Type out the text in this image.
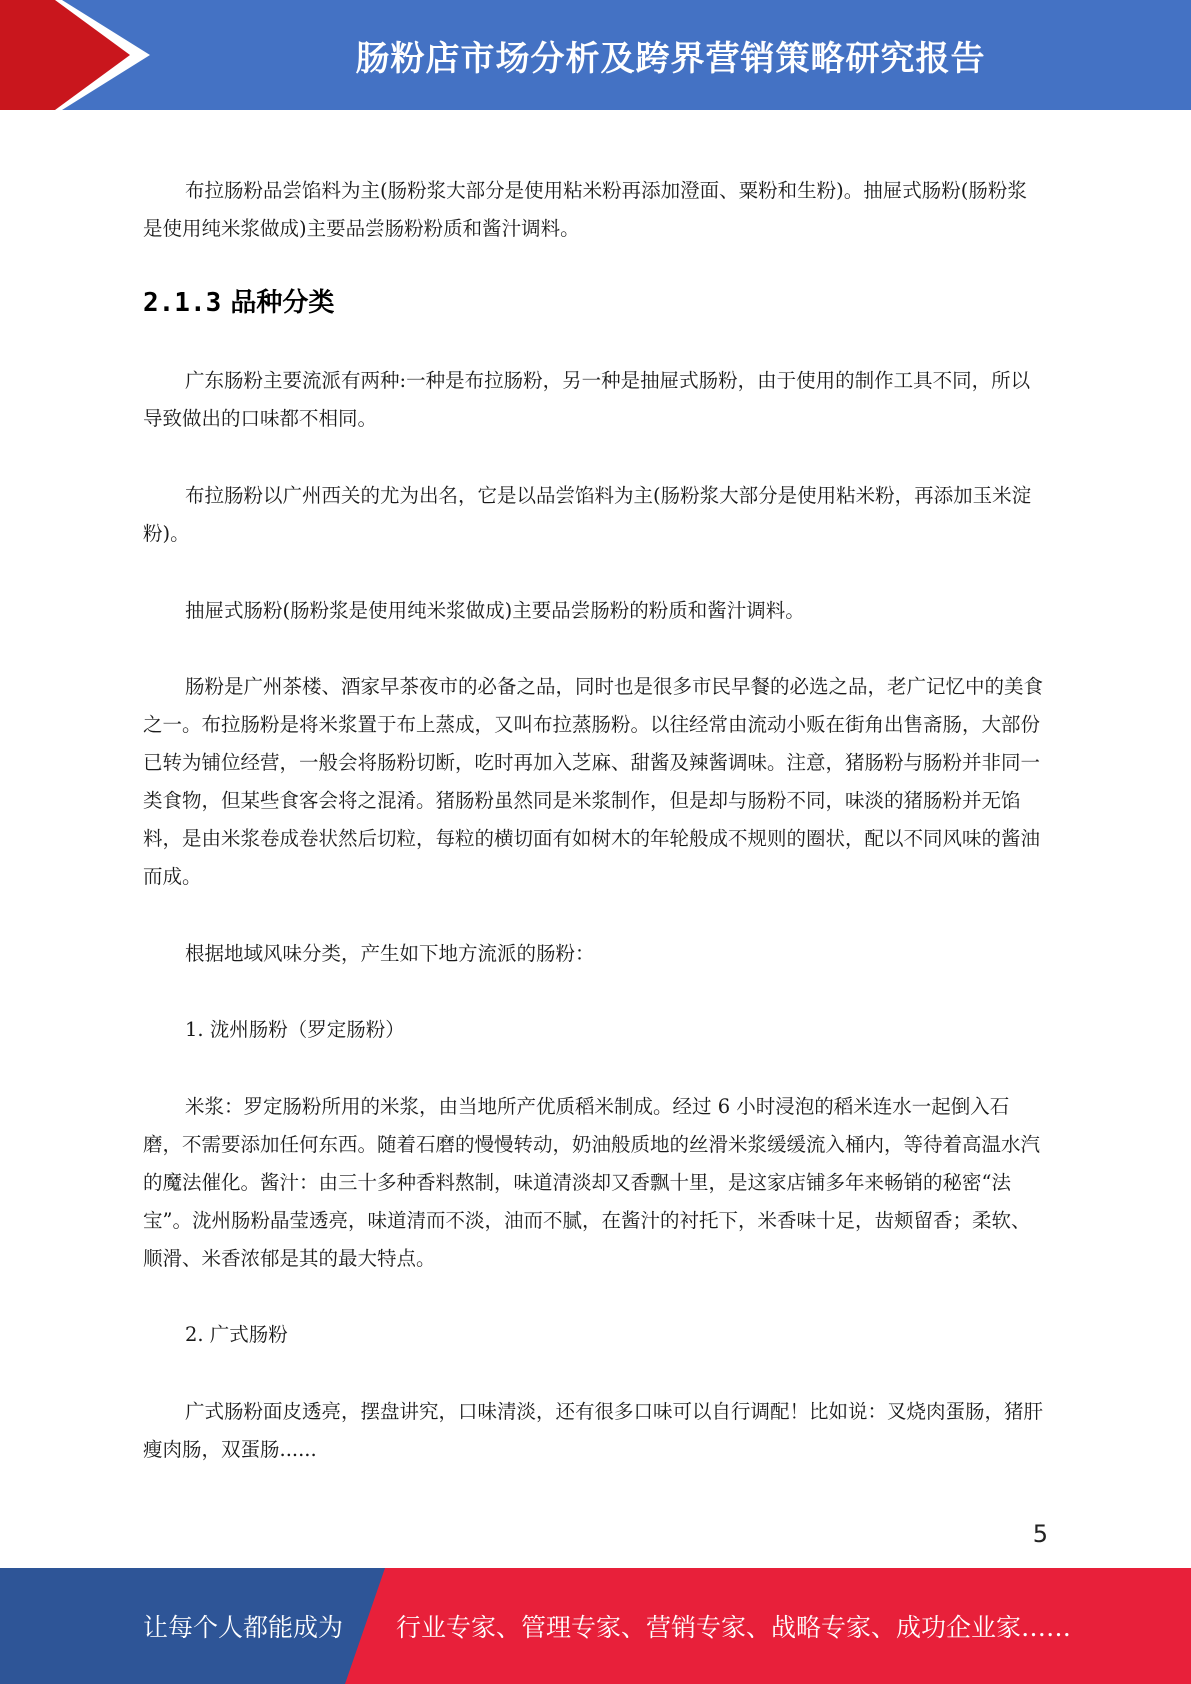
肠粉店市场分析及跨界营销策略研究报告

布拉肠粉品尝馅料为主(肠粉浆大部分是使用粘米粉再添加澄面、粟粉和生粉)。抽屉式肠粉(肠粉浆是使用纯米浆做成)主要品尝肠粉粉质和酱汁调料。

2.1.3 品种分类

广东肠粉主要流派有两种:一种是布拉肠粉，另一种是抽屉式肠粉，由于使用的制作工具不同，所以导致做出的口味都不相同。

布拉肠粉以广州西关的尤为出名，它是以品尝馅料为主(肠粉浆大部分是使用粘米粉，再添加玉米淀粉)。

抽屉式肠粉(肠粉浆是使用纯米浆做成)主要品尝肠粉的粉质和酱汁调料。

肠粉是广州茶楼、酒家早茶夜市的必备之品，同时也是很多市民早餐的必选之品，老广记忆中的美食之一。布拉肠粉是将米浆置于布上蒸成，又叫布拉蒸肠粉。以往经常由流动小贩在街角出售斋肠，大部份已转为铺位经营，一般会将肠粉切断，吃时再加入芝麻、甜酱及辣酱调味。注意，猪肠粉与肠粉并非同一类食物，但某些食客会将之混淆。猪肠粉虽然同是米浆制作，但是却与肠粉不同，味淡的猪肠粉并无馅料，是由米浆卷成卷状然后切粒，每粒的横切面有如树木的年轮般成不规则的圈状，配以不同风味的酱油而成。

根据地域风味分类，产生如下地方流派的肠粉：

1. 泷州肠粉（罗定肠粉）

米浆：罗定肠粉所用的米浆，由当地所产优质稻米制成。经过 6 小时浸泡的稻米连水一起倒入石磨，不需要添加任何东西。随着石磨的慢慢转动，奶油般质地的丝滑米浆缓缓流入桶内，等待着高温水汽的魔法催化。酱汁：由三十多种香料熬制，味道清淡却又香飘十里，是这家店铺多年来畅销的秘密“法宝”。泷州肠粉晶莹透亮，味道清而不淡，油而不腻，在酱汁的衬托下，米香味十足，齿颊留香；柔软、顺滑、米香浓郁是其的最大特点。

2. 广式肠粉

广式肠粉面皮透亮，摆盘讲究，口味清淡，还有很多口味可以自行调配！比如说：叉烧肉蛋肠，猪肝瘦肉肠，双蛋肠......

5
让每个人都能成为 行业专家、管理专家、营销专家、战略专家、成功企业家……
